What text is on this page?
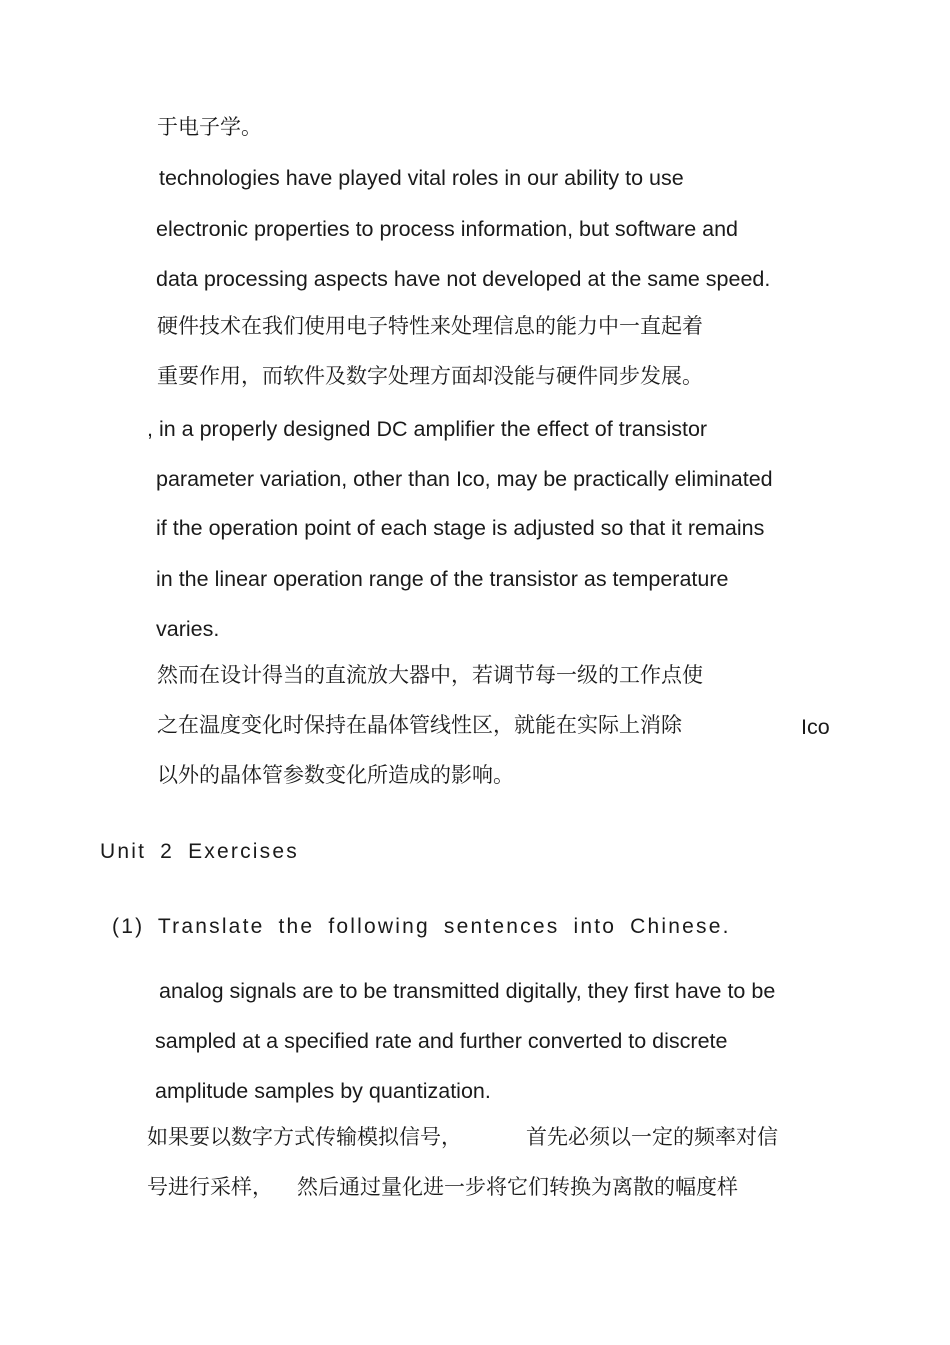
于电子学。
technologies have played vital roles in our ability to use
electronic properties to process information, but software and
data processing aspects have not developed at the same speed.
硬件技术在我们使用电子特性来处理信息的能力中一直起着
重要作用，而软件及数字处理方面却没能与硬件同步发展。
, in a properly designed DC amplifier the effect of transistor
parameter variation, other than Ico, may be practically eliminated
if the operation point of each stage is adjusted so that it remains
in the linear operation range of the transistor as temperature
varies.
然而在设计得当的直流放大器中，若调节每一级的工作点使
之在温度变化时保持在晶体管线性区，就能在实际上消除	Ico
以外的晶体管参数变化所造成的影响。
Unit 2 Exercises
(1) Translate the following sentences into Chinese.
analog signals are to be transmitted digitally, they first have to be
sampled at a specified rate and further converted to discrete
amplitude samples by quantization.
如果要以数字方式传输模拟信号，	首先必须以一定的频率对信
号进行采样， 然后通过量化进一步将它们转换为离散的幅度样
